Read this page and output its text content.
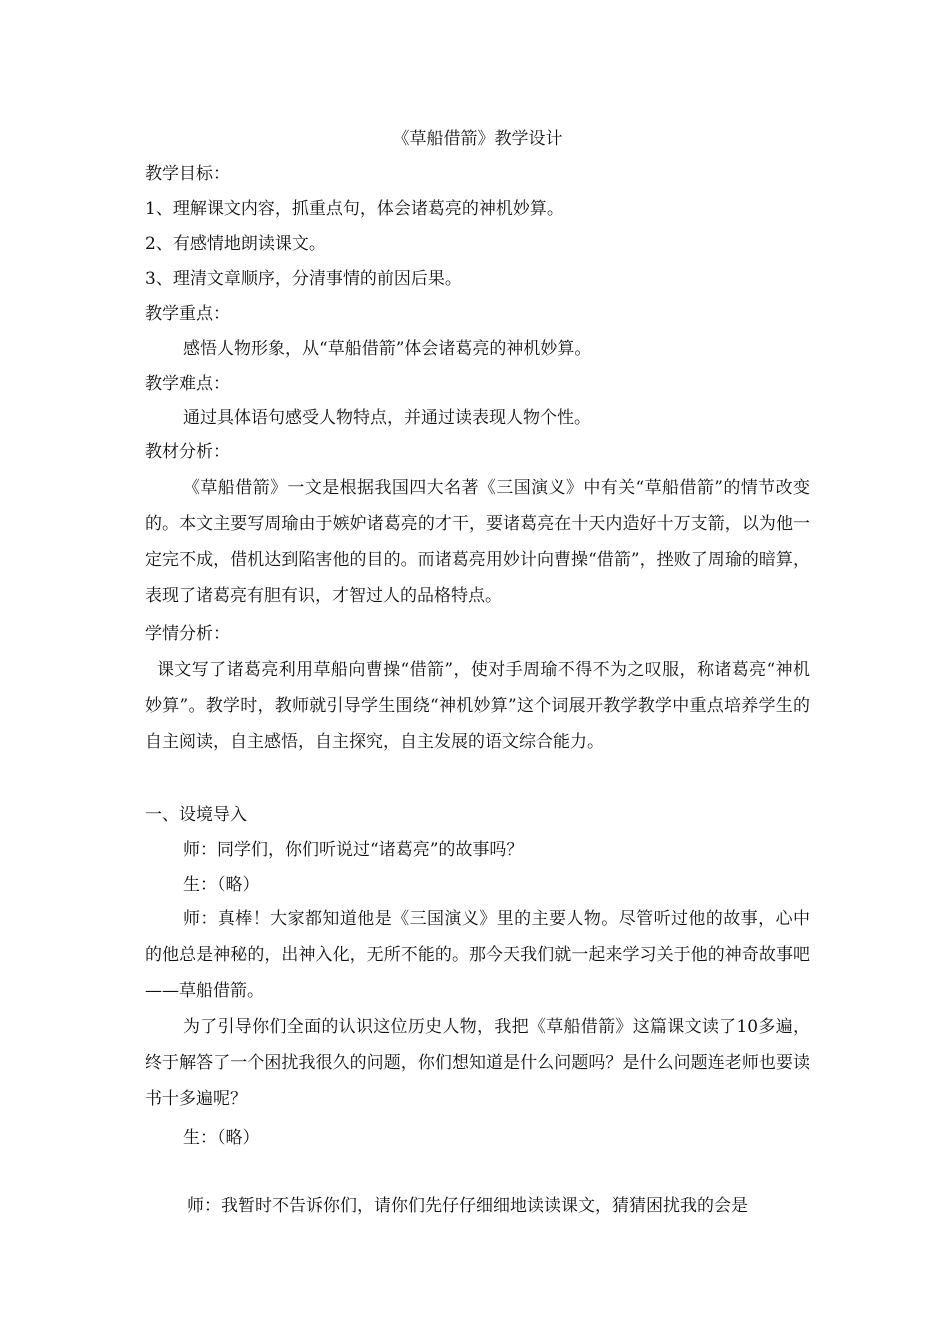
《草船借箭》教学设计
教学目标：
1、理解课文内容，抓重点句，体会诸葛亮的神机妙算。
2、有感情地朗读课文。
3、理清文章顺序，分清事情的前因后果。
教学重点：
感悟人物形象，从“草船借箭”体会诸葛亮的神机妙算。
教学难点：
通过具体语句感受人物特点，并通过读表现人物个性。
教材分析：
《草船借箭》一文是根据我国四大名著《三国演义》中有关“草船借箭”的情节改变的。本文主要写周瑜由于嫉妒诸葛亮的才干，要诸葛亮在十天内造好十万支箭，以为他一定完不成，借机达到陷害他的目的。而诸葛亮用妙计向曹操“借箭”，挫败了周瑜的暗算，表现了诸葛亮有胆有识，才智过人的品格特点。
学情分析：
课文写了诸葛亮利用草船向曹操“借箭”，使对手周瑜不得不为之叹服，称诸葛亮“神机妙算”。教学时，教师就引导学生围绕“神机妙算”这个词展开教学教学中重点培养学生的自主阅读，自主感悟，自主探究，自主发展的语文综合能力。
一、设境导入
师：同学们，你们听说过“诸葛亮”的故事吗？
生：（略）
师：真棒！大家都知道他是《三国演义》里的主要人物。尽管听过他的故事，心中的他总是神秘的，出神入化，无所不能的。那今天我们就一起来学习关于他的神奇故事吧——草船借箭。
为了引导你们全面的认识这位历史人物，我把《草船借箭》这篇课文读了10多遍，终于解答了一个困扰我很久的问题，你们想知道是什么问题吗？是什么问题连老师也要读书十多遍呢？
生：（略）
师：我暂时不告诉你们，请你们先仔仔细细地读读课文，猜猜困扰我的会是
